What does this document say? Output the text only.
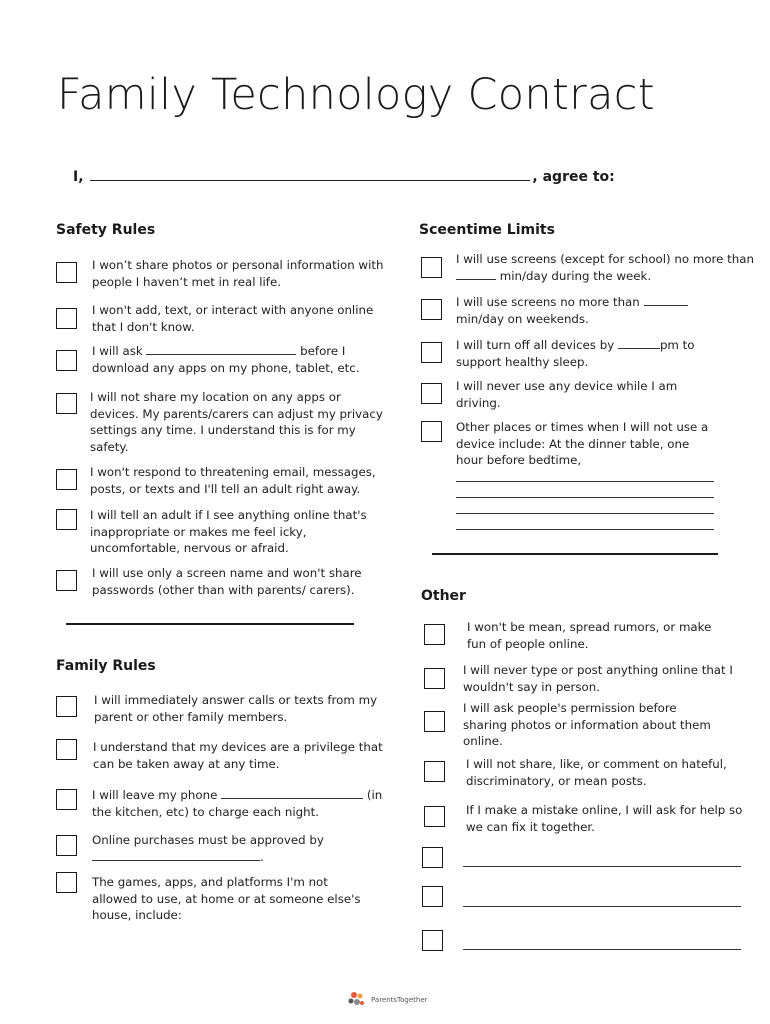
Family Technology Contract
I,	, agree to:
Safety Rules
I won’t share photos or personal information with people I haven’t met in real life.
I won't add, text, or interact with anyone online that I don't know.
I will ask	before I download any apps on my phone, tablet, etc.
I will not share my location on any apps or devices. My parents/carers can adjust my privacy settings any time. I understand this is for my safety.
I won't respond to threatening email, messages, posts, or texts and I'll tell an adult right away.
I will tell an adult if I see anything online that's inappropriate or makes me feel icky, uncomfortable, nervous or afraid.
I will use only a screen name and won't share passwords (other than with parents/ carers).
Family Rules
I will immediately answer calls or texts from my parent or other family members.
I understand that my devices are a privilege that can be taken away at any time.
I will leave my phone	(in the kitchen, etc) to charge each night.
Online purchases must be approved by .
The games, apps, and platforms I'm not allowed to use, at home or at someone else's house, include:
Sceentime Limits
I will use screens (except for school) no more than  min/day during the week.
I will use screens no more than  min/day on weekends.
I will turn off all devices by	pm to support healthy sleep.
I will never use any device while I am driving.
Other places or times when I will not use a device include: At the dinner table, one hour before bedtime,
Other
I won't be mean, spread rumors, or make fun of people online.
I will never type or post anything online that I wouldn't say in person.
I will ask people's permission before sharing photos or information about them online.
I will not share, like, or comment on hateful, discriminatory, or mean posts.
If I make a mistake online, I will ask for help so we can fix it together.
ParentsTogether
